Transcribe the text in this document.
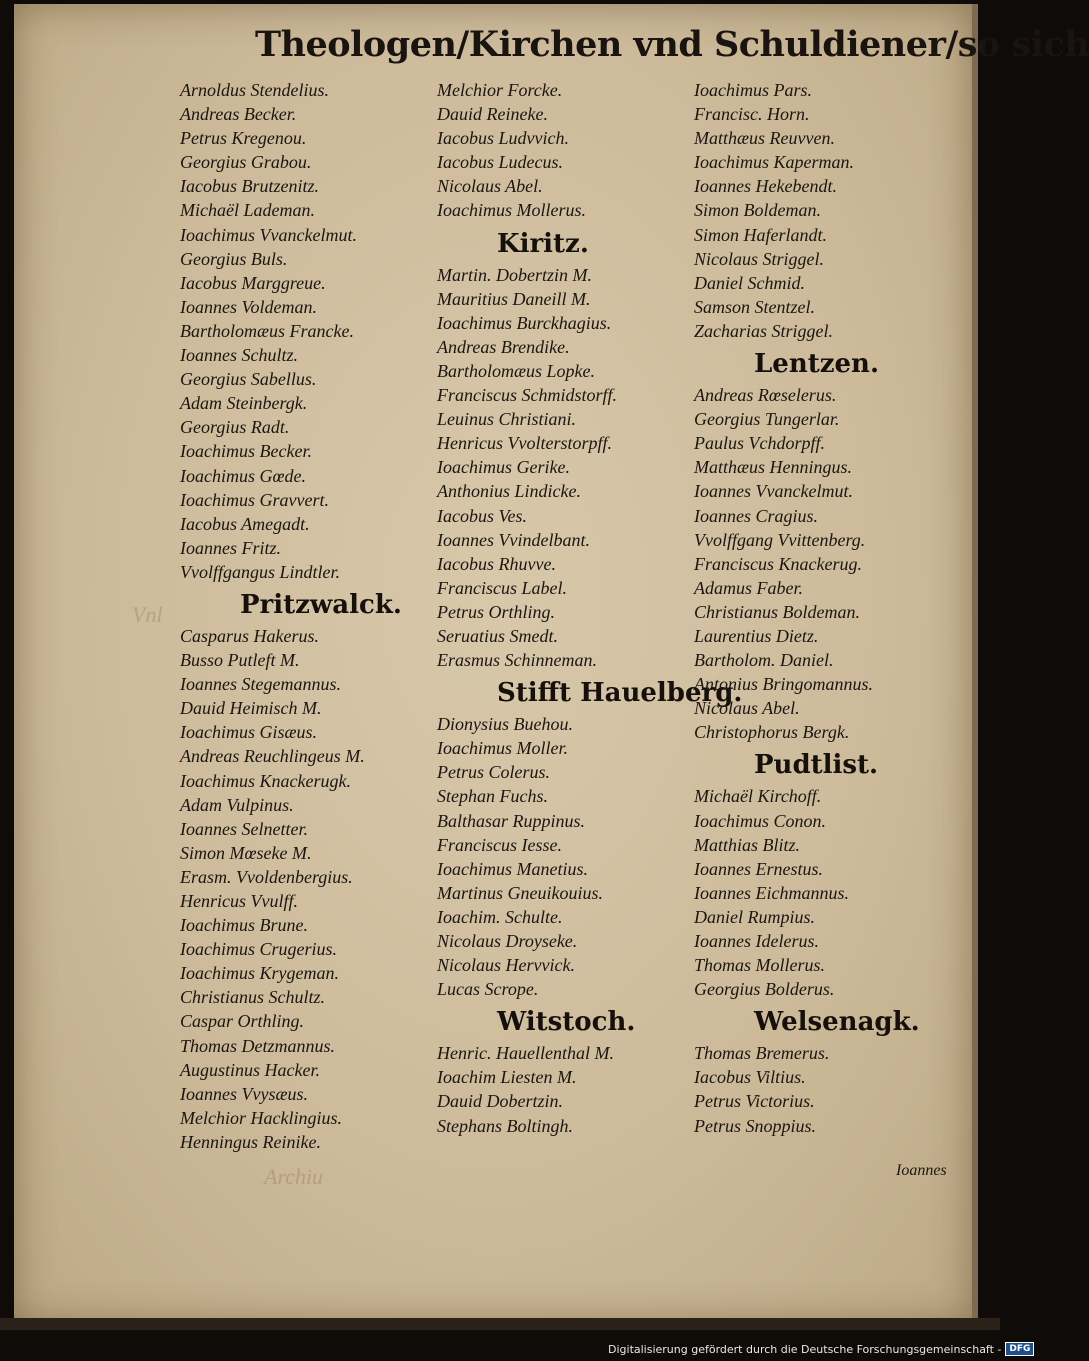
Vnl
Archiu
Theologen/Kirchen vnd Schuldiener/so sich
Arnoldus Stendelius.
Andreas Becker.
Petrus Kregenou.
Georgius Grabou.
Iacobus Brutzenitz.
Michaël Lademan.
Ioachimus Vvanckelmut.
Georgius Buls.
Iacobus Marggreue.
Ioannes Voldeman.
Bartholomæus Francke.
Ioannes Schultz.
Georgius Sabellus.
Adam Steinbergk.
Georgius Radt.
Ioachimus Becker.
Ioachimus Gœde.
Ioachimus Gravvert.
Iacobus Amegadt.
Ioannes Fritz.
Vvolffgangus Lindtler.
Pritzwalck.
Casparus Hakerus.
Busso Putleft M.
Ioannes Stegemannus.
Dauid Heimisch M.
Ioachimus Gisæus.
Andreas Reuchlingeus M.
Ioachimus Knackerugk.
Adam Vulpinus.
Ioannes Selnetter.
Simon Mœseke M.
Erasm. Vvoldenbergius.
Henricus Vvulff.
Ioachimus Brune.
Ioachimus Crugerius.
Ioachimus Krygeman.
Christianus Schultz.
Caspar Orthling.
Thomas Detzmannus.
Augustinus Hacker.
Ioannes Vvysæus.
Melchior Hacklingius.
Henningus Reinike.
Melchior Forcke.
Dauid Reineke.
Iacobus Ludvvich.
Iacobus Ludecus.
Nicolaus Abel.
Ioachimus Mollerus.
Kiritz.
Martin. Dobertzin M.
Mauritius Daneill M.
Ioachimus Burckhagius.
Andreas Brendike.
Bartholomæus Lopke.
Franciscus Schmidstorff.
Leuinus Christiani.
Henricus Vvolterstorpff.
Ioachimus Gerike.
Anthonius Lindicke.
Iacobus Ves.
Ioannes Vvindelbant.
Iacobus Rhuvve.
Franciscus Label.
Petrus Orthling.
Seruatius Smedt.
Erasmus Schinneman.
Stifft Hauelberg.
Dionysius Buehou.
Ioachimus Moller.
Petrus Colerus.
Stephan Fuchs.
Balthasar Ruppinus.
Franciscus Iesse.
Ioachimus Manetius.
Martinus Gneuikouius.
Ioachim. Schulte.
Nicolaus Droyseke.
Nicolaus Hervvick.
Lucas Scrope.
Witstoch.
Henric. Hauellenthal M.
Ioachim Liesten M.
Dauid Dobertzin.
Stephans Boltingh.
Ioachimus Pars.
Francisc. Horn.
Matthæus Reuvven.
Ioachimus Kaperman.
Ioannes Hekebendt.
Simon Boldeman.
Simon Haferlandt.
Nicolaus Striggel.
Daniel Schmid.
Samson Stentzel.
Zacharias Striggel.
Lentzen.
Andreas Rœselerus.
Georgius Tungerlar.
Paulus Vchdorpff.
Matthæus Henningus.
Ioannes Vvanckelmut.
Ioannes Cragius.
Vvolffgang Vvittenberg.
Franciscus Knackerug.
Adamus Faber.
Christianus Boldeman.
Laurentius Dietz.
Bartholom. Daniel.
Antonius Bringomannus.
Nicolaus Abel.
Christophorus Bergk.
Pudtlist.
Michaël Kirchoff.
Ioachimus Conon.
Matthias Blitz.
Ioannes Ernestus.
Ioannes Eichmannus.
Daniel Rumpius.
Ioannes Idelerus.
Thomas Mollerus.
Georgius Bolderus.
Welsenagk.
Thomas Bremerus.
Iacobus Viltius.
Petrus Victorius.
Petrus Snoppius.
Ioannes
Digitalisierung gefördert durch die Deutsche Forschungsgemeinschaft - DFG
